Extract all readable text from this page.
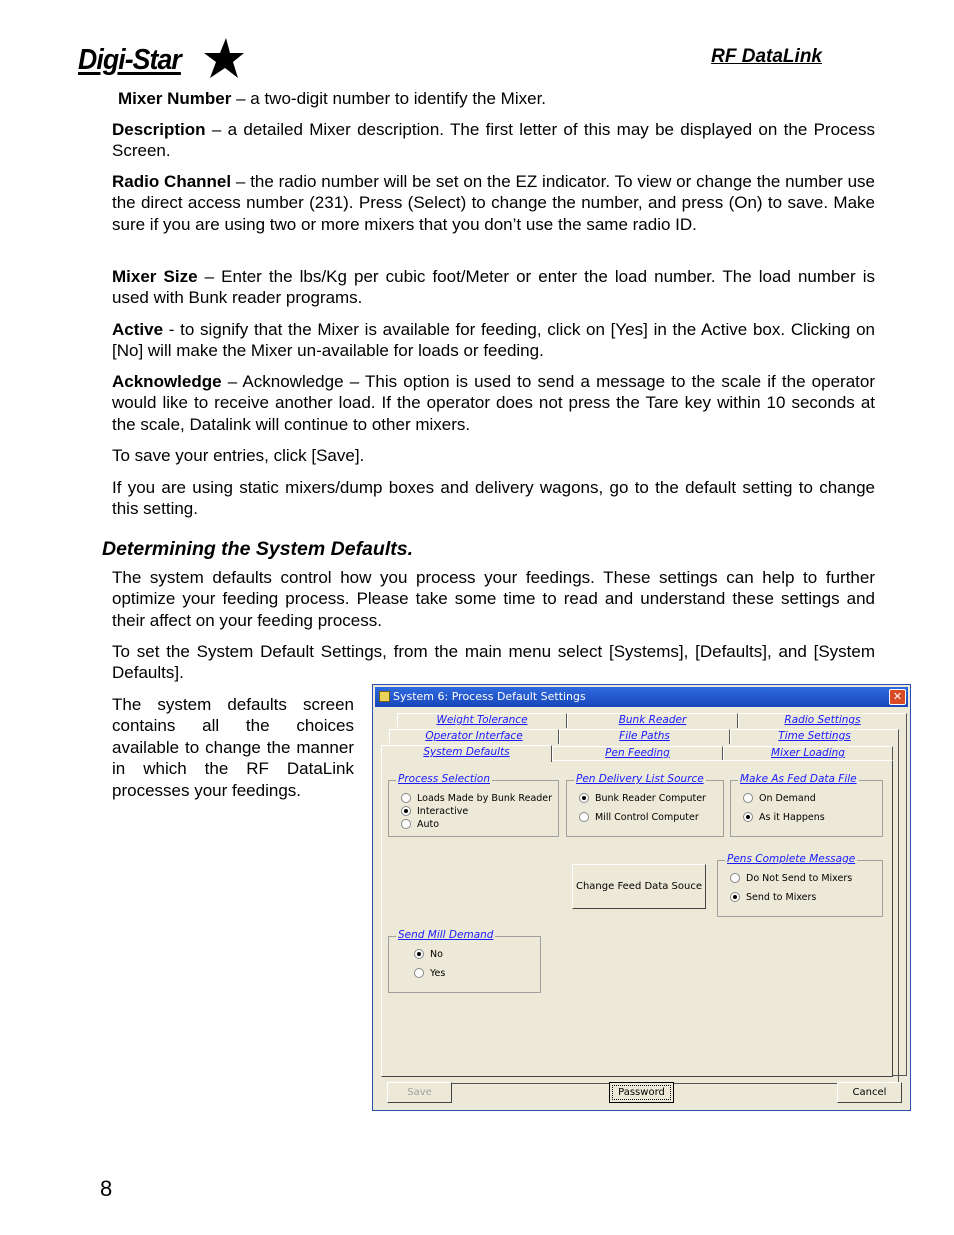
Digi-Star	RF DataLink

Mixer Number – a two-digit number to identify the Mixer.

Description – a detailed Mixer description. The first letter of this may be displayed on the Process Screen.

Radio Channel – the radio number will be set on the EZ indicator. To view or change the number use the direct access number (231). Press (Select) to change the number, and press (On) to save. Make sure if you are using two or more mixers that you don’t use the same radio ID.

Mixer Size – Enter the lbs/Kg per cubic foot/Meter or enter the load number. The load number is used with Bunk reader programs.

Active - to signify that the Mixer is available for feeding, click on [Yes] in the Active box. Clicking on [No] will make the Mixer un-available for loads or feeding.

Acknowledge – Acknowledge – This option is used to send a message to the scale if the operator would like to receive another load. If the operator does not press the Tare key within 10 seconds at the scale, Datalink will continue to other mixers.

To save your entries, click [Save].

If you are using static mixers/dump boxes and delivery wagons, go to the default setting to change this setting.

Determining the System Defaults.

The system defaults control how you process your feedings. These settings can help to further optimize your feeding process. Please take some time to read and understand these settings and their affect on your feeding process.

To set the System Default Settings, from the main menu select [Systems], [Defaults], and [System Defaults].

The system defaults screen contains all the choices available to change the manner in which the RF DataLink processes your feedings.

System 6: Process Default Settings	✕
Weight Tolerance	Bunk Reader	Radio Settings
Operator Interface	File Paths	Time Settings
System Defaults	Pen Feeding	Mixer Loading
Process Selection
Loads Made by Bunk Reader
Interactive
Auto
Pen Delivery List Source
Bunk Reader Computer
Mill Control Computer
Make As Fed Data File
On Demand
As it Happens
Change Feed Data Souce
Pens Complete Message
Do Not Send to Mixers
Send to Mixers
Send Mill Demand
No
Yes
Save	Password	Cancel
8
